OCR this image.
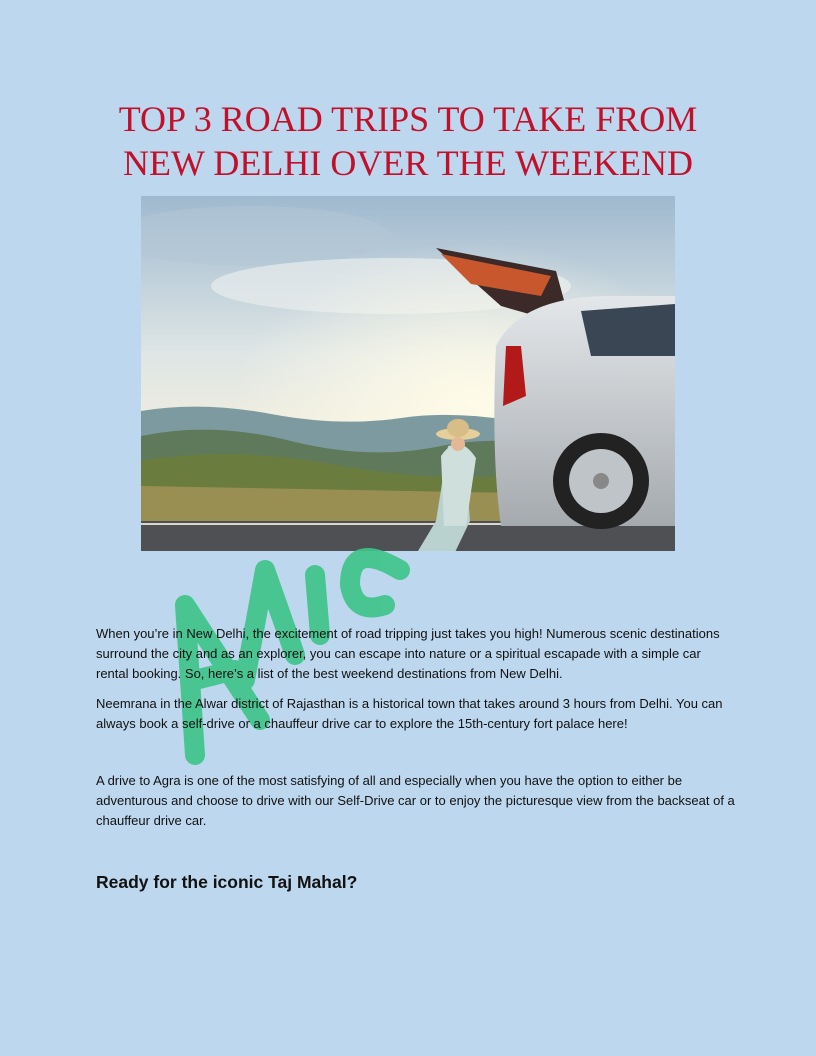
TOP 3 ROAD TRIPS TO TAKE FROM
NEW DELHI OVER THE WEEKEND

When you’re in New Delhi, the excitement of road tripping just takes you high! Numerous scenic destinations surround the city and as an explorer, you can escape into nature or a spiritual escapade with a simple car rental booking. So, here’s a list of the best weekend destinations from New Delhi.

Neemrana in the Alwar district of Rajasthan is a historical town that takes around 3 hours from Delhi. You can always book a self-drive or a chauffeur drive car to explore the 15th-century fort palace here!

A drive to Agra is one of the most satisfying of all and especially when you have the option to either be adventurous and choose to drive with our Self-Drive car or to enjoy the picturesque view from the backseat of a chauffeur drive car.

Ready for the iconic Taj Mahal?
